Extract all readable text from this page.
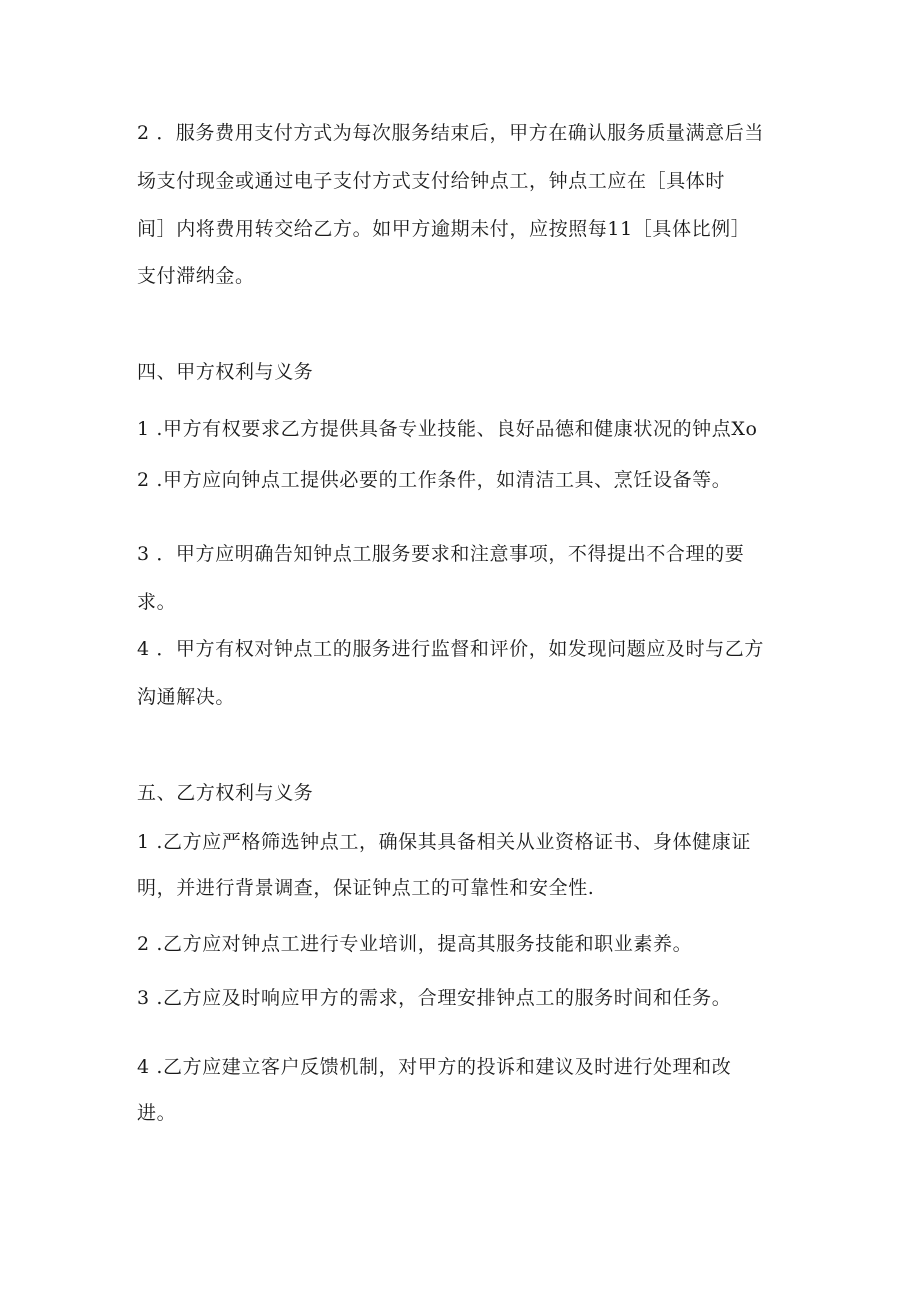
2 ．服务费用支付方式为每次服务结束后，甲方在确认服务质量满意后当
场支付现金或通过电子支付方式支付给钟点工，钟点工应在［具体时
间］内将费用转交给乙方。如甲方逾期未付，应按照每11［具体比例］
支付滞纳金。
四、甲方权利与义务
1 .甲方有权要求乙方提供具备专业技能、良好品德和健康状况的钟点Xo
2 .甲方应向钟点工提供必要的工作条件，如清洁工具、烹饪设备等。
3 ．甲方应明确告知钟点工服务要求和注意事项，不得提出不合理的要
求。
4 ．甲方有权对钟点工的服务进行监督和评价，如发现问题应及时与乙方
沟通解决。
五、乙方权利与义务
1 .乙方应严格筛选钟点工，确保其具备相关从业资格证书、身体健康证
明，并进行背景调查，保证钟点工的可靠性和安全性.
2 .乙方应对钟点工进行专业培训，提高其服务技能和职业素养。
3 .乙方应及时响应甲方的需求，合理安排钟点工的服务时间和任务。
4 .乙方应建立客户反馈机制，对甲方的投诉和建议及时进行处理和改
进。
